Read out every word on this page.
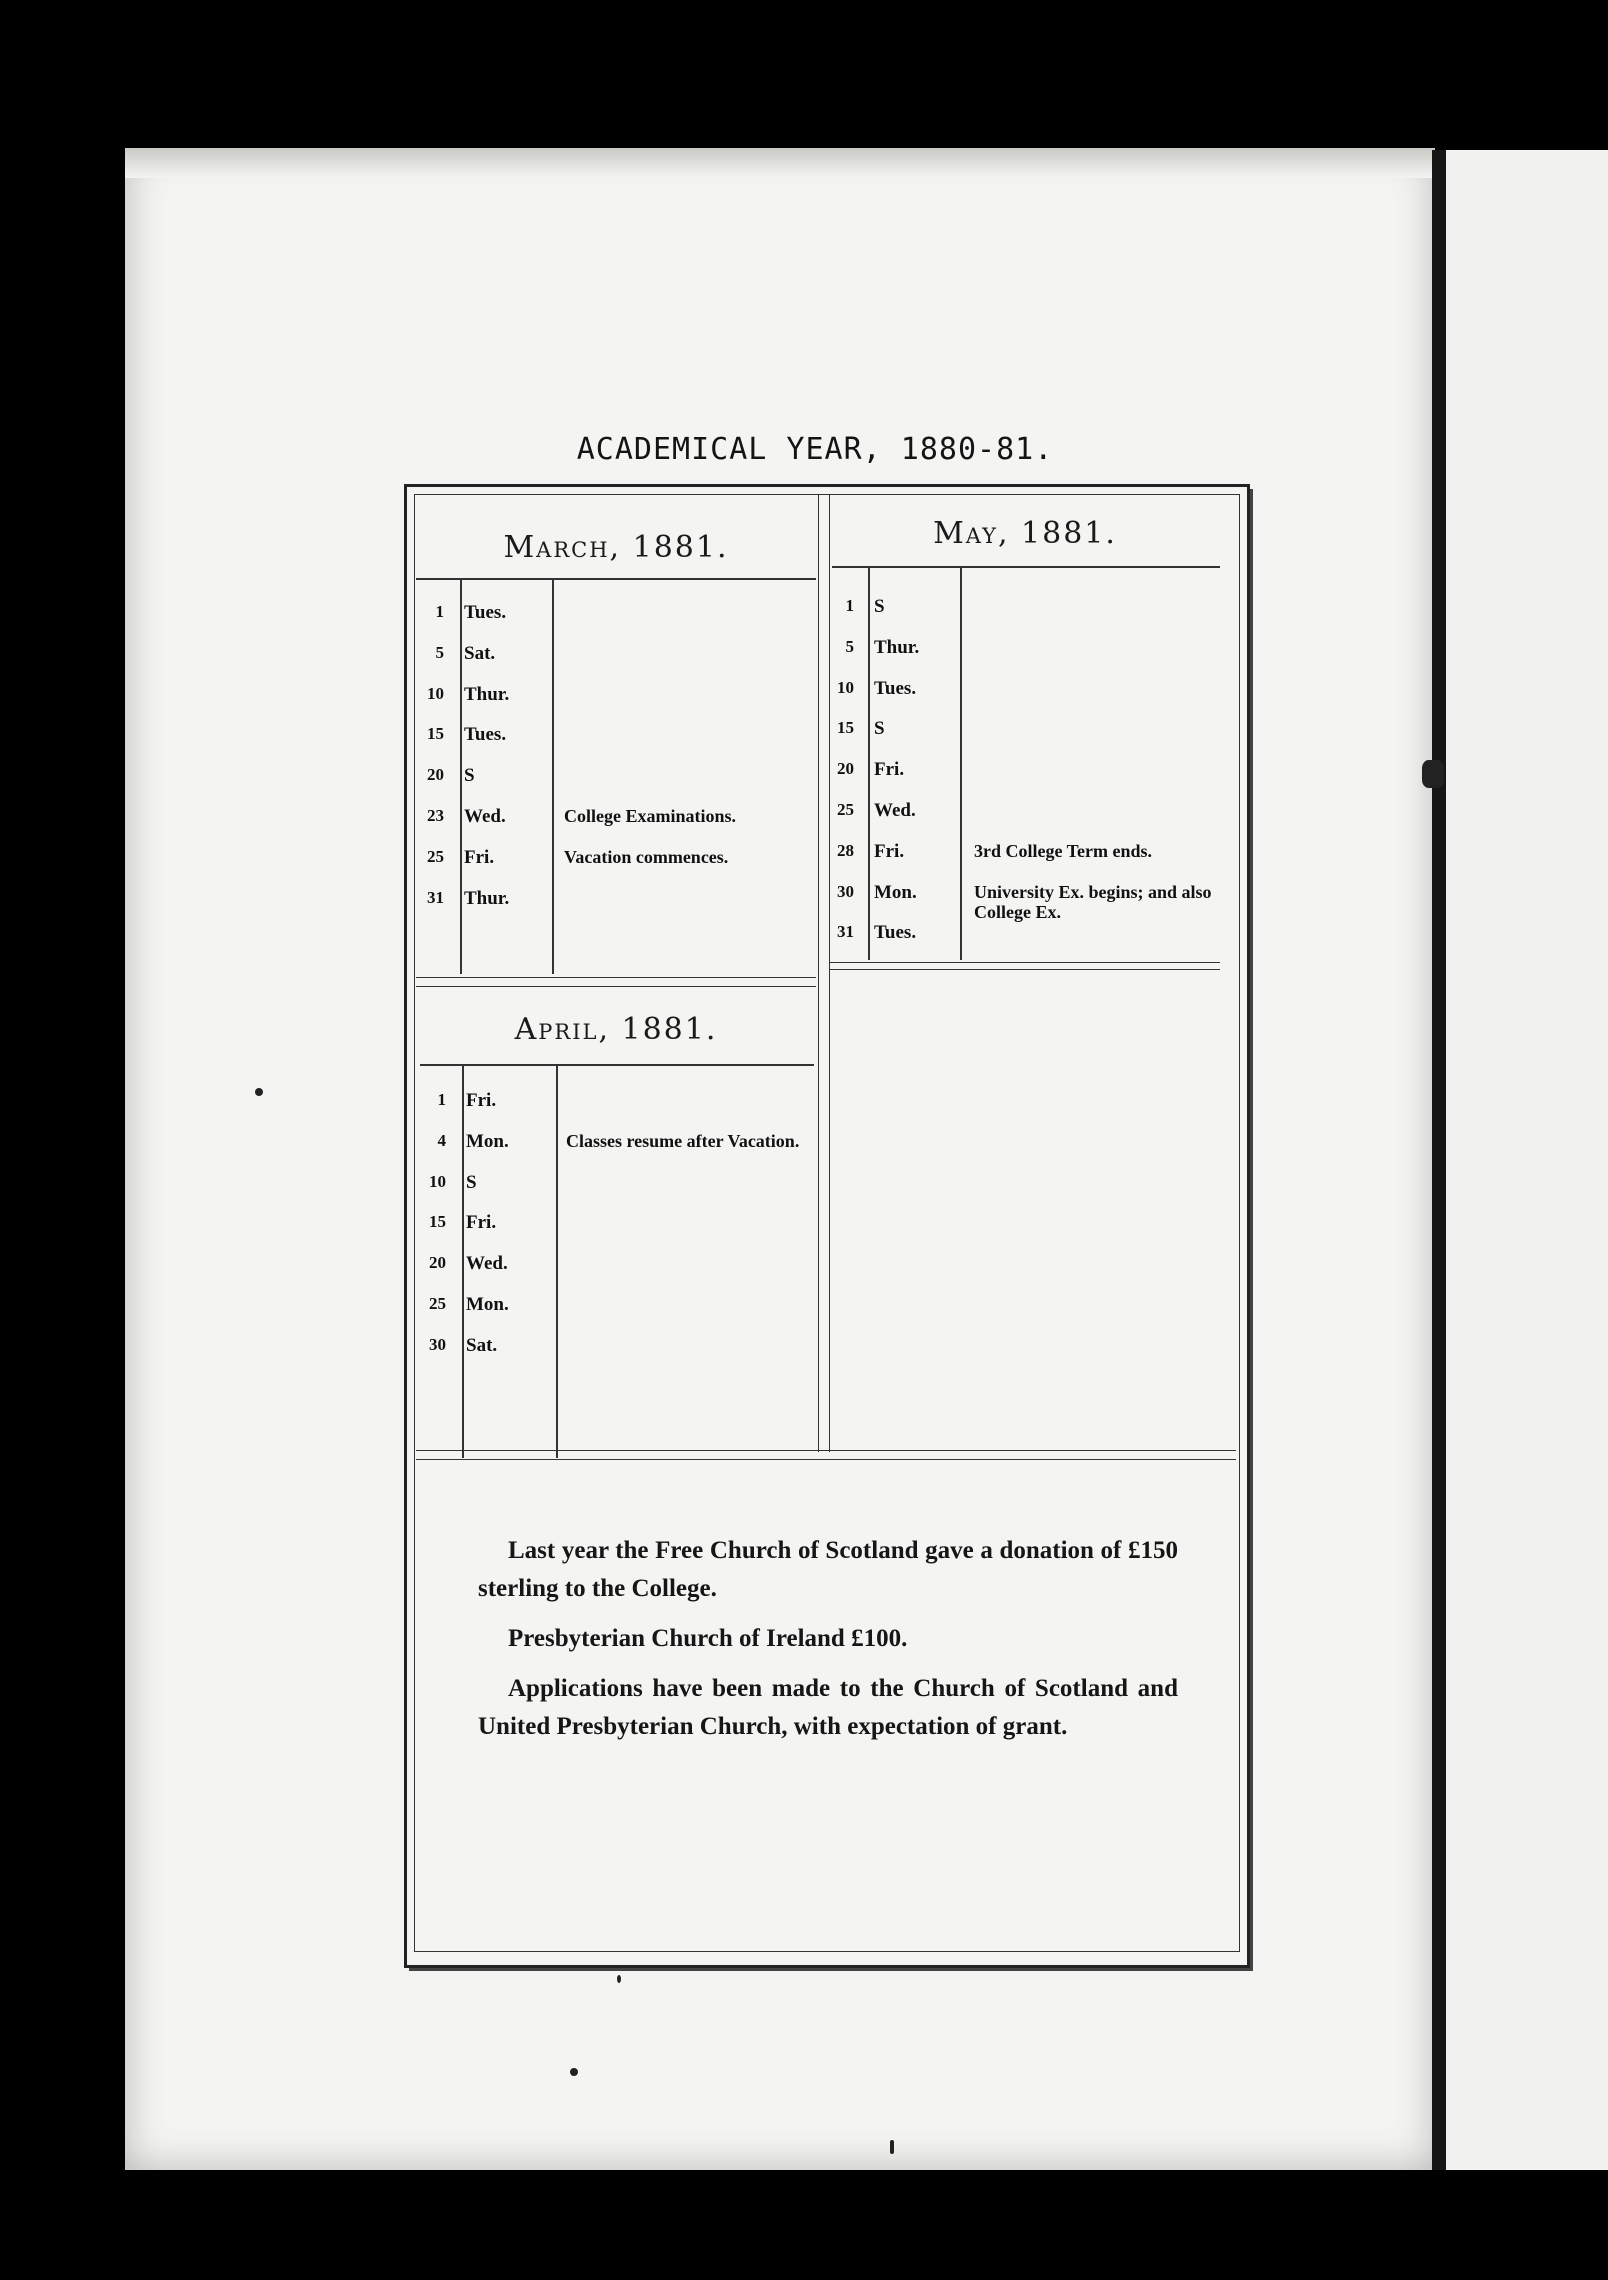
ACADEMICAL YEAR, 1880-81.
March, 1881.
1 Tues.
5 Sat.
10 Thur.
15 Tues.
20 S
23 Wed.	College Examinations.
25 Fri.	Vacation commences.
31 Thur.
April, 1881.
1 Fri.
4 Mon.	Classes resume after Vacation.
10 S
15 Fri.
20 Wed.
25 Mon.
30 Sat.
May, 1881.
1 S
5 Thur.
10 Tues.
15 S
20 Fri.
25 Wed.
28 Fri.	3rd College Term ends.
30 Mon.	University Ex. begins; and also College Ex.
31 Tues.

Last year the Free Church of Scotland gave a donation of £150 sterling to the College.

Presbyterian Church of Ireland £100.

Applications have been made to the Church of Scotland and United Presbyterian Church, with expectation of grant.
